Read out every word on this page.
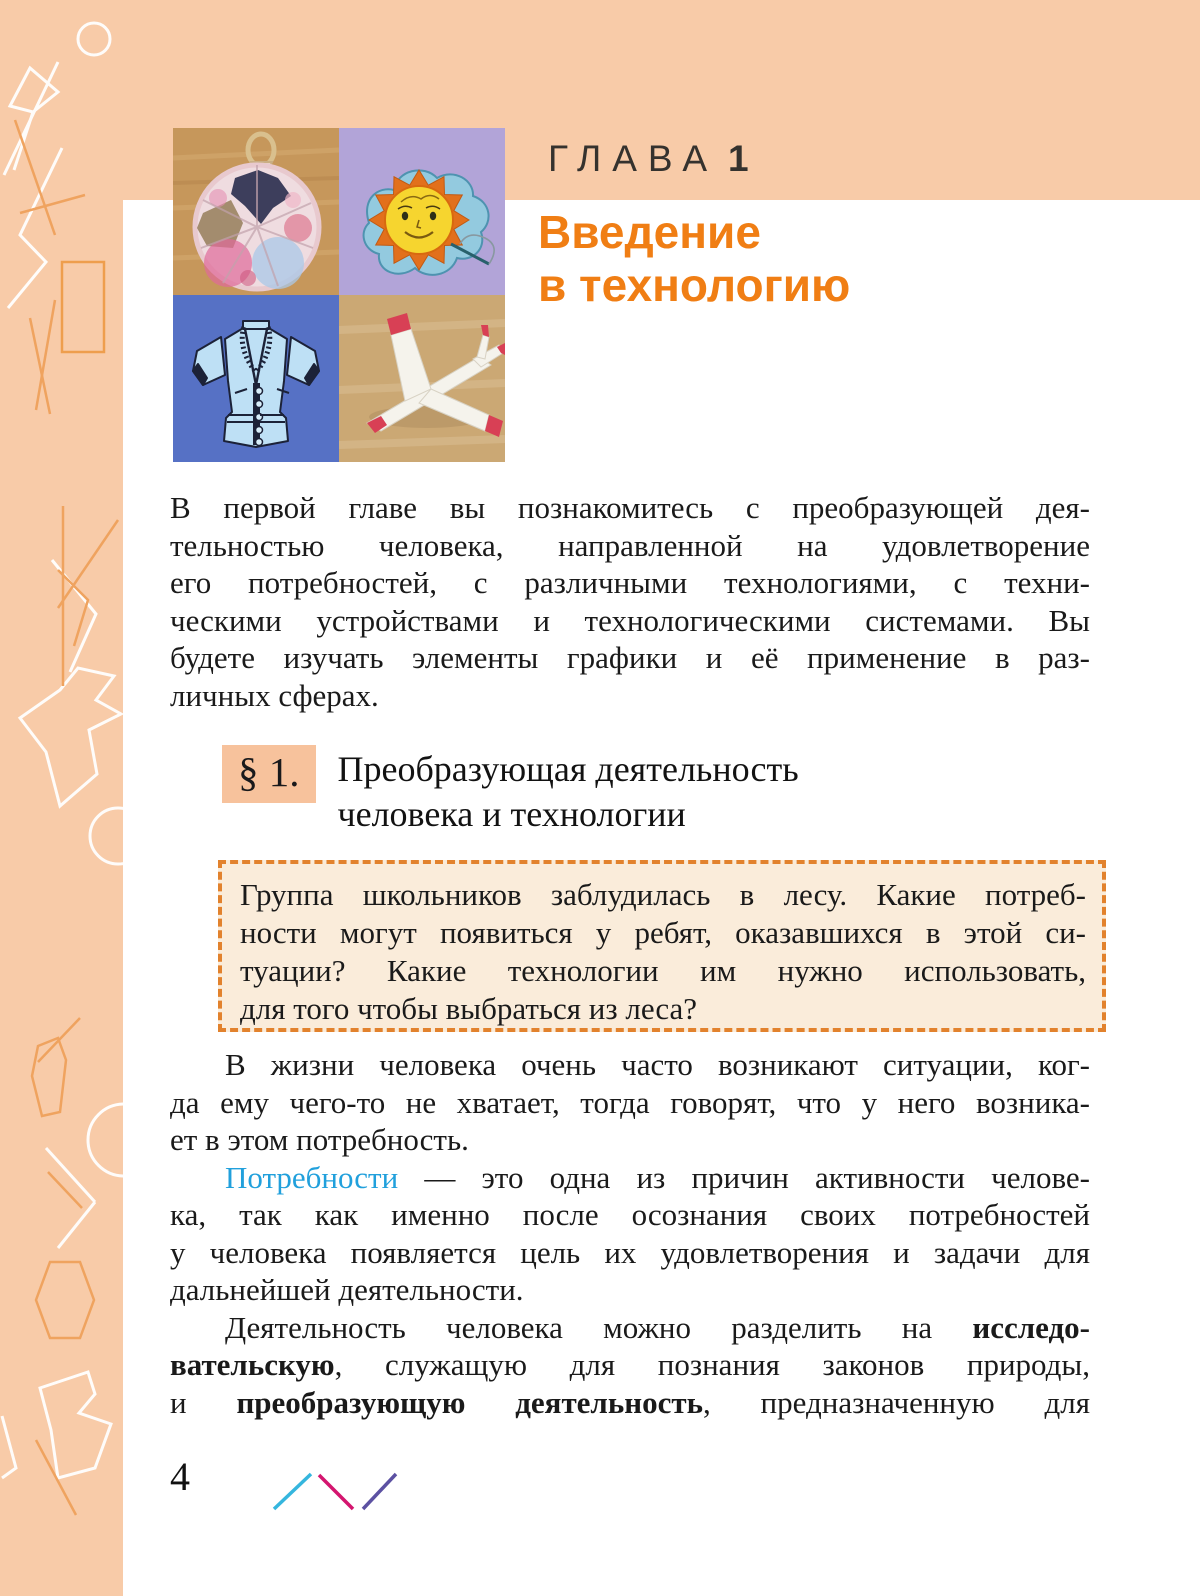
ГЛАВА 1
Введение
в технологию
В первой главе вы познакомитесь с преобразующей дея-
тельностью человека, направленной на удовлетворение
его потребностей, с различными технологиями, с техни-
ческими устройствами и технологическими системами. Вы
будете изучать элементы графики и её применение в раз-
личных сферах.
§ 1.	Преобразующая деятельность
человека и технологии
Группа школьников заблудилась в лесу. Какие потреб-
ности могут появиться у ребят, оказавшихся в этой си-
туации? Какие технологии им нужно использовать,
для того чтобы выбраться из леса?
В жизни человека очень часто возникают ситуации, ког-
да ему чего-то не хватает, тогда говорят, что у него возника-
ет в этом потребность.
Потребности — это одна из причин активности челове-
ка, так как именно после осознания своих потребностей
у человека появляется цель их удовлетворения и задачи для
дальнейшей деятельности.
Деятельность человека можно разделить на исследо-
вательскую, служащую для познания законов природы,
и преобразующую деятельность, предназначенную для
4
